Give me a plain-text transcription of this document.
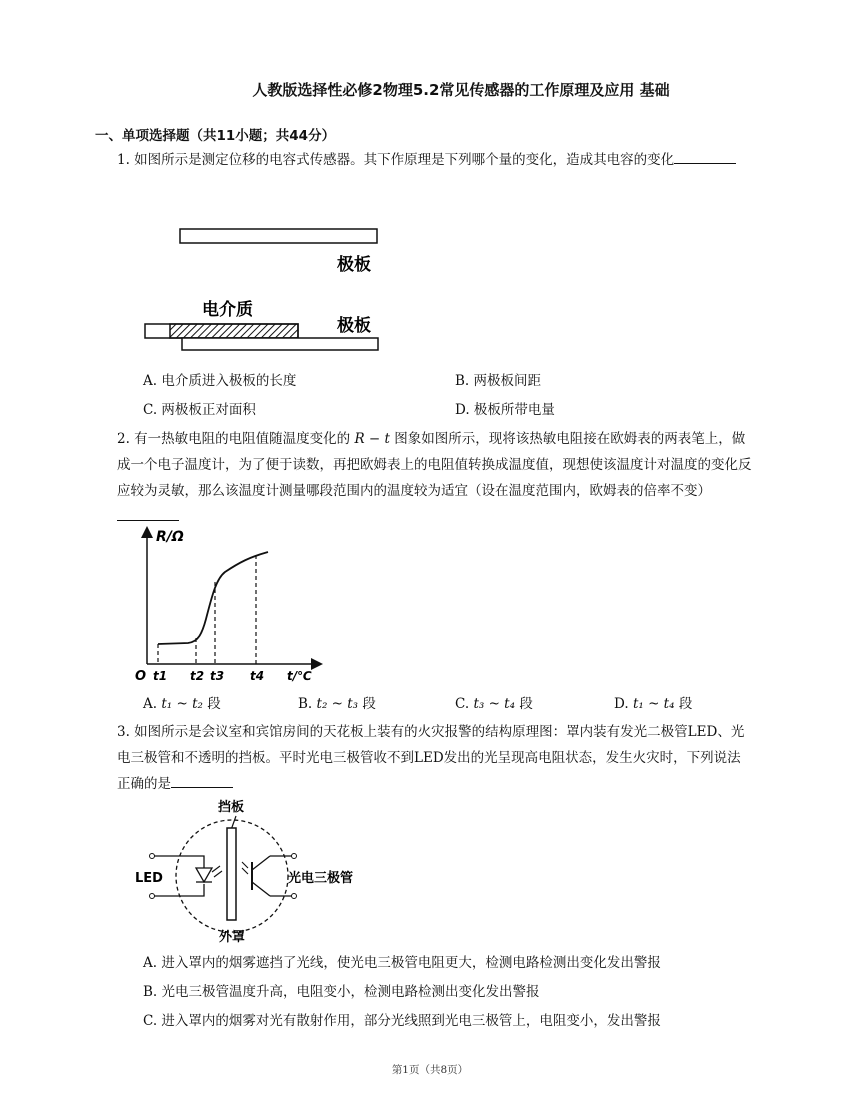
人教版选择性必修2物理5.2常见传感器的工作原理及应用 基础
一、单项选择题（共11小题；共44分）
1. 如图所示是测定位移的电容式传感器。其下作原理是下列哪个量的变化，造成其电容的变化
极板
电介质
极板
A. 电介质进入极板的长度	B. 两极板间距
C. 两极板正对面积	D. 极板所带电量
2. 有一热敏电阻的电阻值随温度变化的 R − t 图象如图所示，现将该热敏电阻接在欧姆表的两表笔上，做成一个电子温度计，为了便于读数，再把欧姆表上的电阻值转换成温度值，现想使该温度计对温度的变化反应较为灵敏，那么该温度计测量哪段范围内的温度较为适宜（设在温度范围内，欧姆表的倍率不变）
R/Ω
t/℃
O t1 t2 t3 t4
A. t₁ ~ t₂ 段	B. t₂ ~ t₃ 段	C. t₃ ~ t₄ 段	D. t₁ ~ t₄ 段
3. 如图所示是会议室和宾馆房间的天花板上装有的火灾报警的结构原理图：罩内装有发光二极管LED、光电三极管和不透明的挡板。平时光电三极管收不到LED发出的光呈现高电阻状态，发生火灾时，下列说法正确的是
挡板
LED	光电三极管
外罩
A. 进入罩内的烟雾遮挡了光线，使光电三极管电阻更大，检测电路检测出变化发出警报
B. 光电三极管温度升高，电阻变小，检测电路检测出变化发出警报
C. 进入罩内的烟雾对光有散射作用，部分光线照到光电三极管上，电阻变小，发出警报
第1页（共8页）
